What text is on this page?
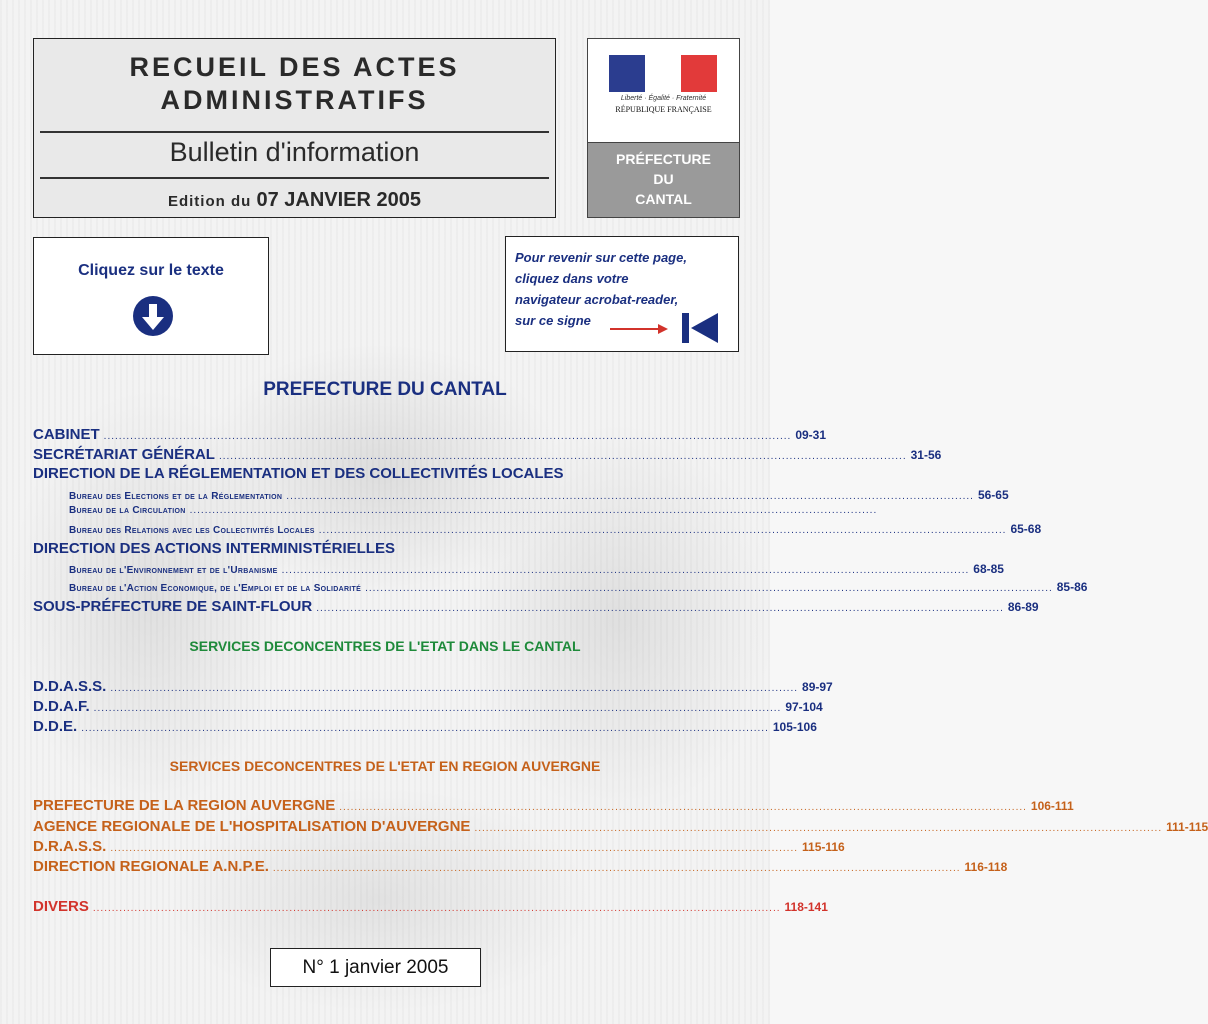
RECUEIL DES ACTES
ADMINISTRATIFS
Bulletin d'information
Edition du 07 JANVIER 2005
Liberté · Égalité · Fraternité
RÉPUBLIQUE FRANÇAISE
PRÉFECTURE
DU
CANTAL
Cliquez sur le texte
Pour revenir sur cette page,
cliquez dans votre
navigateur acrobat-reader,
sur ce signe
PREFECTURE DU CANTAL
CABINET ...................................................................................................................................................................................... 09-31
SECRÉTARIAT GÉNÉRAL ...................................................................................................................................................................................... 31-56
DIRECTION DE LA RÉGLEMENTATION ET DES COLLECTIVITÉS LOCALES
Bureau des Elections et de la Réglementation ...................................................................................................................................................................................... 56-65
Bureau de la Circulation ......................................................................................................................................................................................
Bureau des Relations avec les Collectivités Locales ...................................................................................................................................................................................... 65-68
DIRECTION DES ACTIONS INTERMINISTÉRIELLES
Bureau de l'Environnement et de l'Urbanisme ...................................................................................................................................................................................... 68-85
Bureau de l'Action Economique, de l'Emploi et de la Solidarité ...................................................................................................................................................................................... 85-86
SOUS-PRÉFECTURE DE SAINT-FLOUR ...................................................................................................................................................................................... 86-89
SERVICES DECONCENTRES DE L'ETAT DANS LE CANTAL
D.D.A.S.S. ...................................................................................................................................................................................... 89-97
D.D.A.F. ...................................................................................................................................................................................... 97-104
D.D.E. ...................................................................................................................................................................................... 105-106
SERVICES DECONCENTRES DE L'ETAT EN REGION AUVERGNE
PREFECTURE DE LA REGION AUVERGNE ...................................................................................................................................................................................... 106-111
AGENCE REGIONALE DE L'HOSPITALISATION D'AUVERGNE ...................................................................................................................................................................................... 111-115
D.R.A.S.S. ...................................................................................................................................................................................... 115-116
DIRECTION REGIONALE A.N.P.E. ...................................................................................................................................................................................... 116-118
DIVERS ...................................................................................................................................................................................... 118-141
N° 1 janvier 2005
